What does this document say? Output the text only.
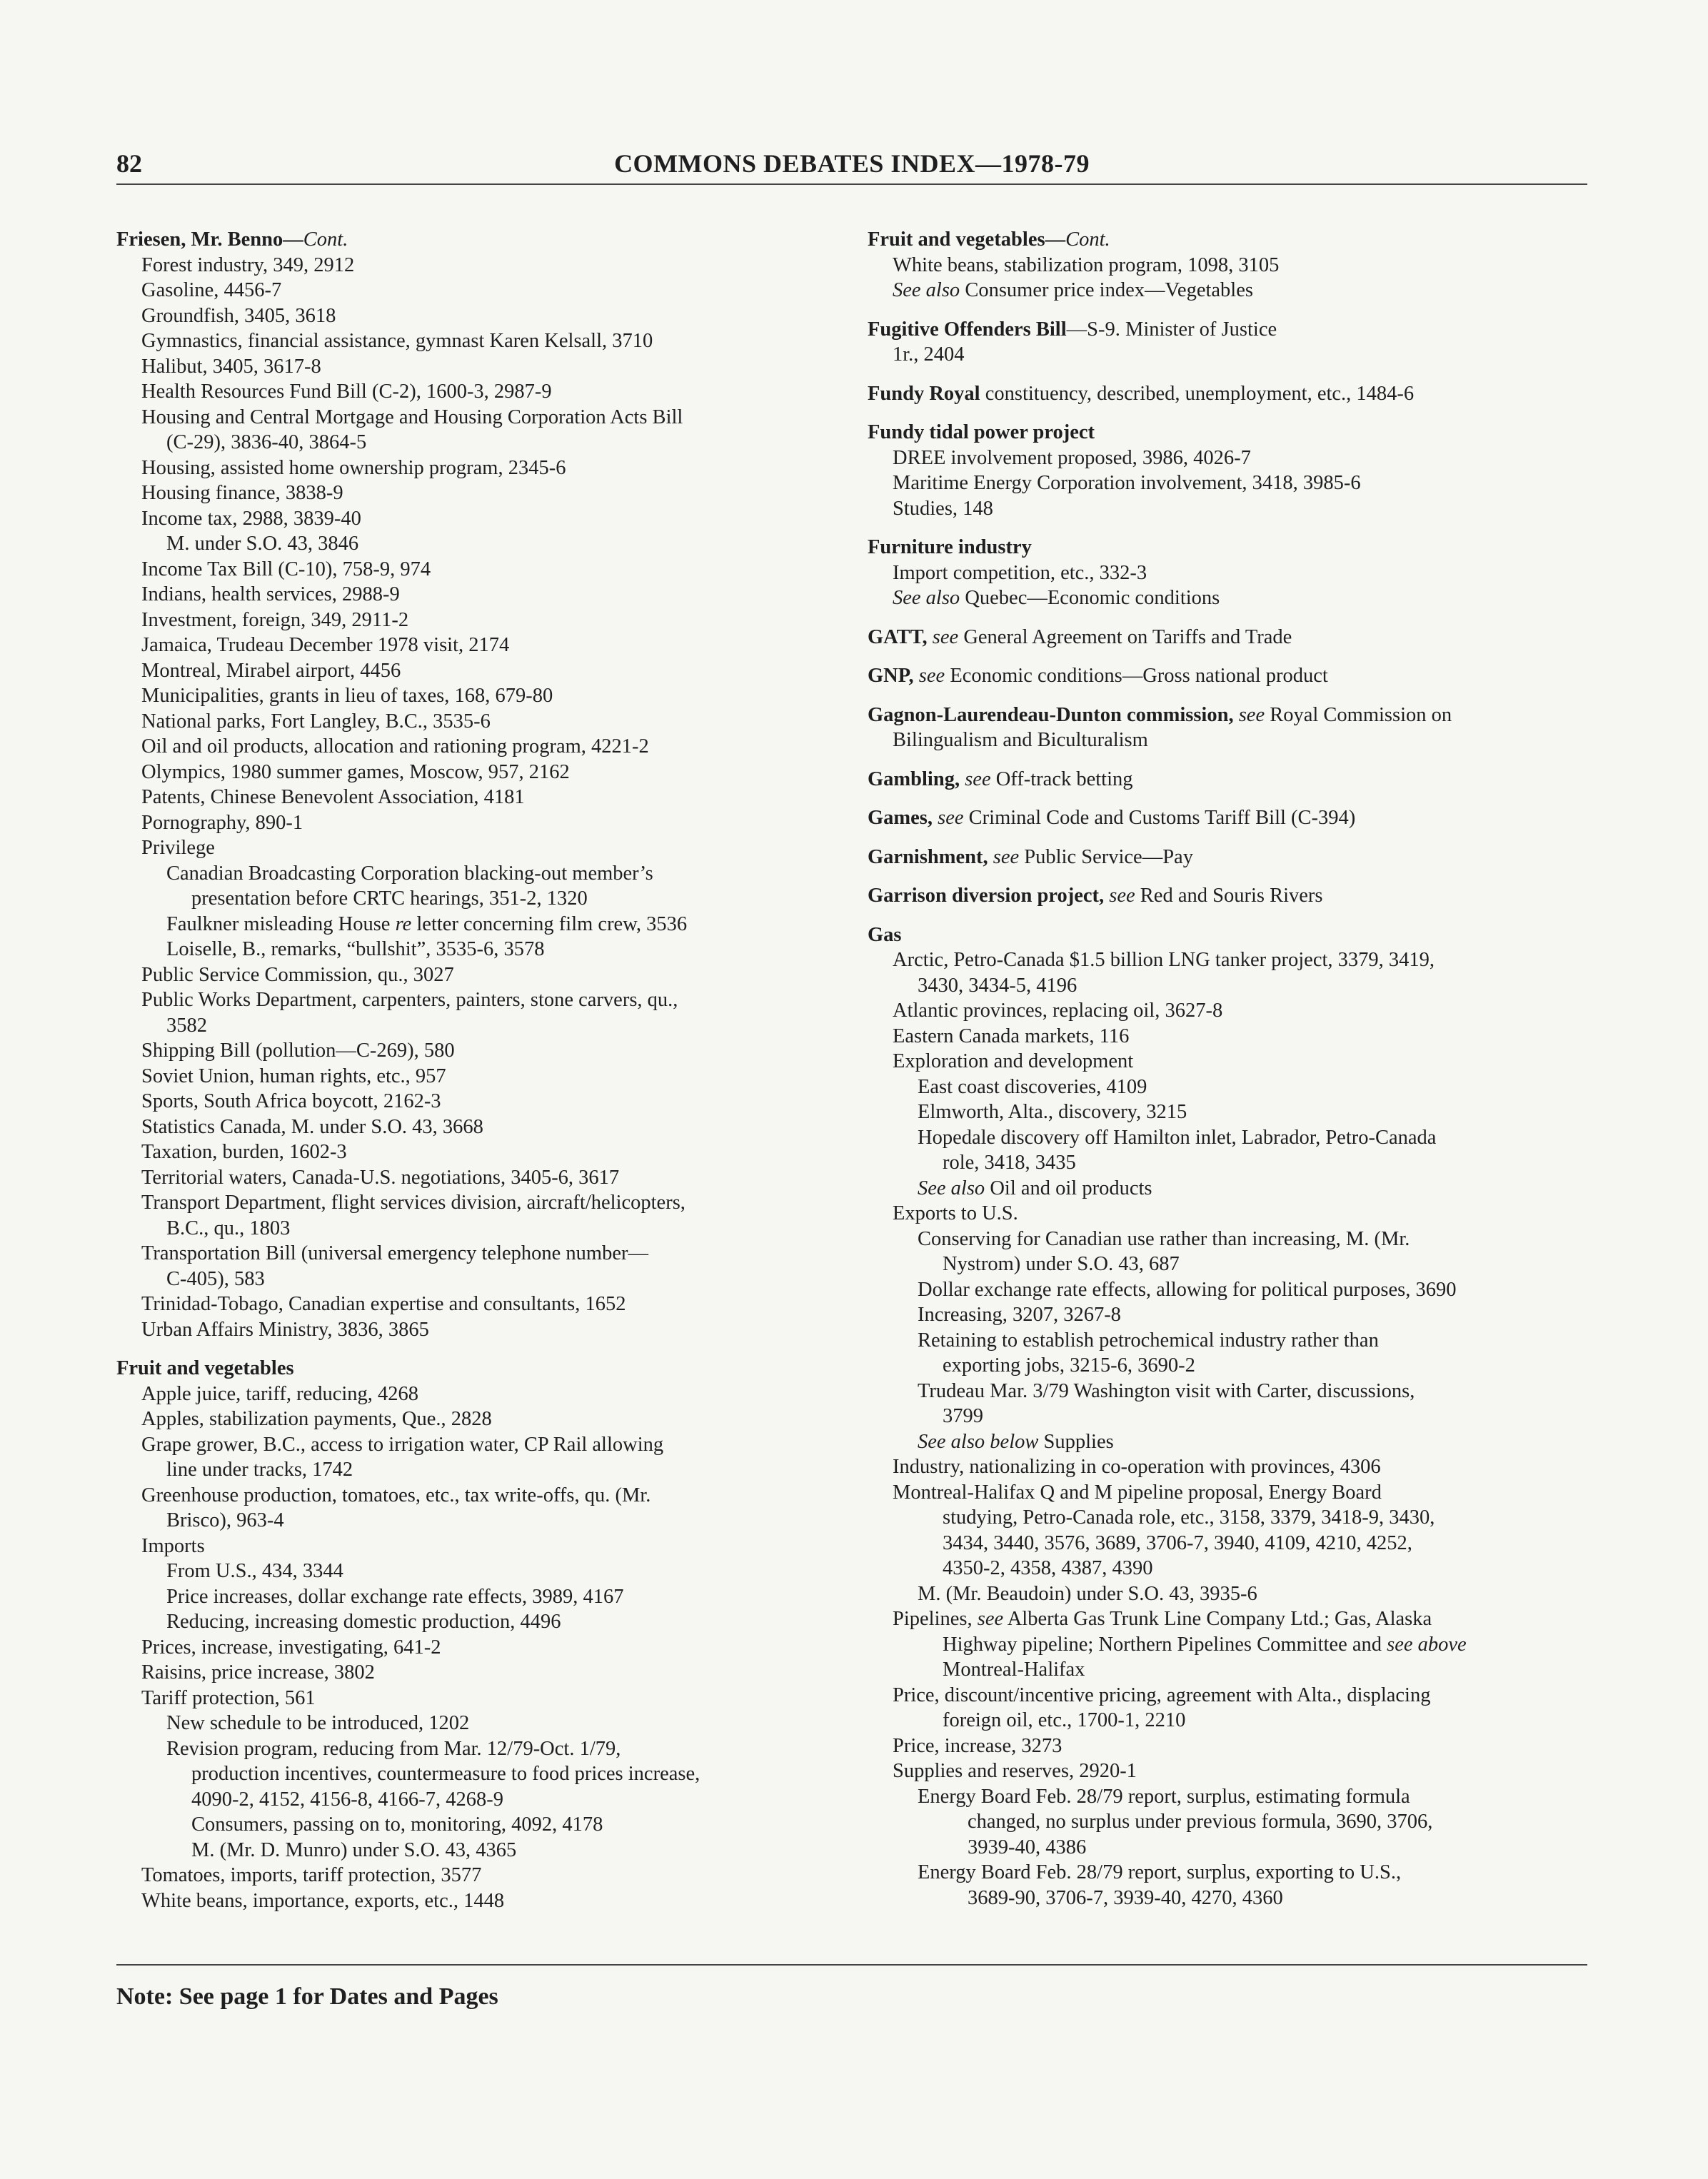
82	COMMONS DEBATES INDEX—1978-79
Friesen, Mr. Benno—Cont.
Forest industry, 349, 2912
Gasoline, 4456-7
Groundfish, 3405, 3618
Gymnastics, financial assistance, gymnast Karen Kelsall, 3710
Halibut, 3405, 3617-8
Health Resources Fund Bill (C-2), 1600-3, 2987-9
Housing and Central Mortgage and Housing Corporation Acts Bill
(C-29), 3836-40, 3864-5
Housing, assisted home ownership program, 2345-6
Housing finance, 3838-9
Income tax, 2988, 3839-40
M. under S.O. 43, 3846
Income Tax Bill (C-10), 758-9, 974
Indians, health services, 2988-9
Investment, foreign, 349, 2911-2
Jamaica, Trudeau December 1978 visit, 2174
Montreal, Mirabel airport, 4456
Municipalities, grants in lieu of taxes, 168, 679-80
National parks, Fort Langley, B.C., 3535-6
Oil and oil products, allocation and rationing program, 4221-2
Olympics, 1980 summer games, Moscow, 957, 2162
Patents, Chinese Benevolent Association, 4181
Pornography, 890-1
Privilege
Canadian Broadcasting Corporation blacking-out member’s
presentation before CRTC hearings, 351-2, 1320
Faulkner misleading House re letter concerning film crew, 3536
Loiselle, B., remarks, “bullshit”, 3535-6, 3578
Public Service Commission, qu., 3027
Public Works Department, carpenters, painters, stone carvers, qu.,
3582
Shipping Bill (pollution—C-269), 580
Soviet Union, human rights, etc., 957
Sports, South Africa boycott, 2162-3
Statistics Canada, M. under S.O. 43, 3668
Taxation, burden, 1602-3
Territorial waters, Canada-U.S. negotiations, 3405-6, 3617
Transport Department, flight services division, aircraft/helicopters,
B.C., qu., 1803
Transportation Bill (universal emergency telephone number—
C-405), 583
Trinidad-Tobago, Canadian expertise and consultants, 1652
Urban Affairs Ministry, 3836, 3865
Fruit and vegetables
Apple juice, tariff, reducing, 4268
Apples, stabilization payments, Que., 2828
Grape grower, B.C., access to irrigation water, CP Rail allowing
line under tracks, 1742
Greenhouse production, tomatoes, etc., tax write-offs, qu. (Mr.
Brisco), 963-4
Imports
From U.S., 434, 3344
Price increases, dollar exchange rate effects, 3989, 4167
Reducing, increasing domestic production, 4496
Prices, increase, investigating, 641-2
Raisins, price increase, 3802
Tariff protection, 561
New schedule to be introduced, 1202
Revision program, reducing from Mar. 12/79-Oct. 1/79,
production incentives, countermeasure to food prices increase,
4090-2, 4152, 4156-8, 4166-7, 4268-9
Consumers, passing on to, monitoring, 4092, 4178
M. (Mr. D. Munro) under S.O. 43, 4365
Tomatoes, imports, tariff protection, 3577
White beans, importance, exports, etc., 1448
Fruit and vegetables—Cont.
White beans, stabilization program, 1098, 3105
See also Consumer price index—Vegetables
Fugitive Offenders Bill—S-9. Minister of Justice
1r., 2404
Fundy Royal constituency, described, unemployment, etc., 1484-6
Fundy tidal power project
DREE involvement proposed, 3986, 4026-7
Maritime Energy Corporation involvement, 3418, 3985-6
Studies, 148
Furniture industry
Import competition, etc., 332-3
See also Quebec—Economic conditions
GATT, see General Agreement on Tariffs and Trade
GNP, see Economic conditions—Gross national product
Gagnon-Laurendeau-Dunton commission, see Royal Commission on
Bilingualism and Biculturalism
Gambling, see Off-track betting
Games, see Criminal Code and Customs Tariff Bill (C-394)
Garnishment, see Public Service—Pay
Garrison diversion project, see Red and Souris Rivers
Gas
Arctic, Petro-Canada $1.5 billion LNG tanker project, 3379, 3419,
3430, 3434-5, 4196
Atlantic provinces, replacing oil, 3627-8
Eastern Canada markets, 116
Exploration and development
East coast discoveries, 4109
Elmworth, Alta., discovery, 3215
Hopedale discovery off Hamilton inlet, Labrador, Petro-Canada
role, 3418, 3435
See also Oil and oil products
Exports to U.S.
Conserving for Canadian use rather than increasing, M. (Mr.
Nystrom) under S.O. 43, 687
Dollar exchange rate effects, allowing for political purposes, 3690
Increasing, 3207, 3267-8
Retaining to establish petrochemical industry rather than
exporting jobs, 3215-6, 3690-2
Trudeau Mar. 3/79 Washington visit with Carter, discussions,
3799
See also below Supplies
Industry, nationalizing in co-operation with provinces, 4306
Montreal-Halifax Q and M pipeline proposal, Energy Board
studying, Petro-Canada role, etc., 3158, 3379, 3418-9, 3430,
3434, 3440, 3576, 3689, 3706-7, 3940, 4109, 4210, 4252,
4350-2, 4358, 4387, 4390
M. (Mr. Beaudoin) under S.O. 43, 3935-6
Pipelines, see Alberta Gas Trunk Line Company Ltd.; Gas, Alaska
Highway pipeline; Northern Pipelines Committee and see above
Montreal-Halifax
Price, discount/incentive pricing, agreement with Alta., displacing
foreign oil, etc., 1700-1, 2210
Price, increase, 3273
Supplies and reserves, 2920-1
Energy Board Feb. 28/79 report, surplus, estimating formula
changed, no surplus under previous formula, 3690, 3706,
3939-40, 4386
Energy Board Feb. 28/79 report, surplus, exporting to U.S.,
3689-90, 3706-7, 3939-40, 4270, 4360
Note: See page 1 for Dates and Pages
